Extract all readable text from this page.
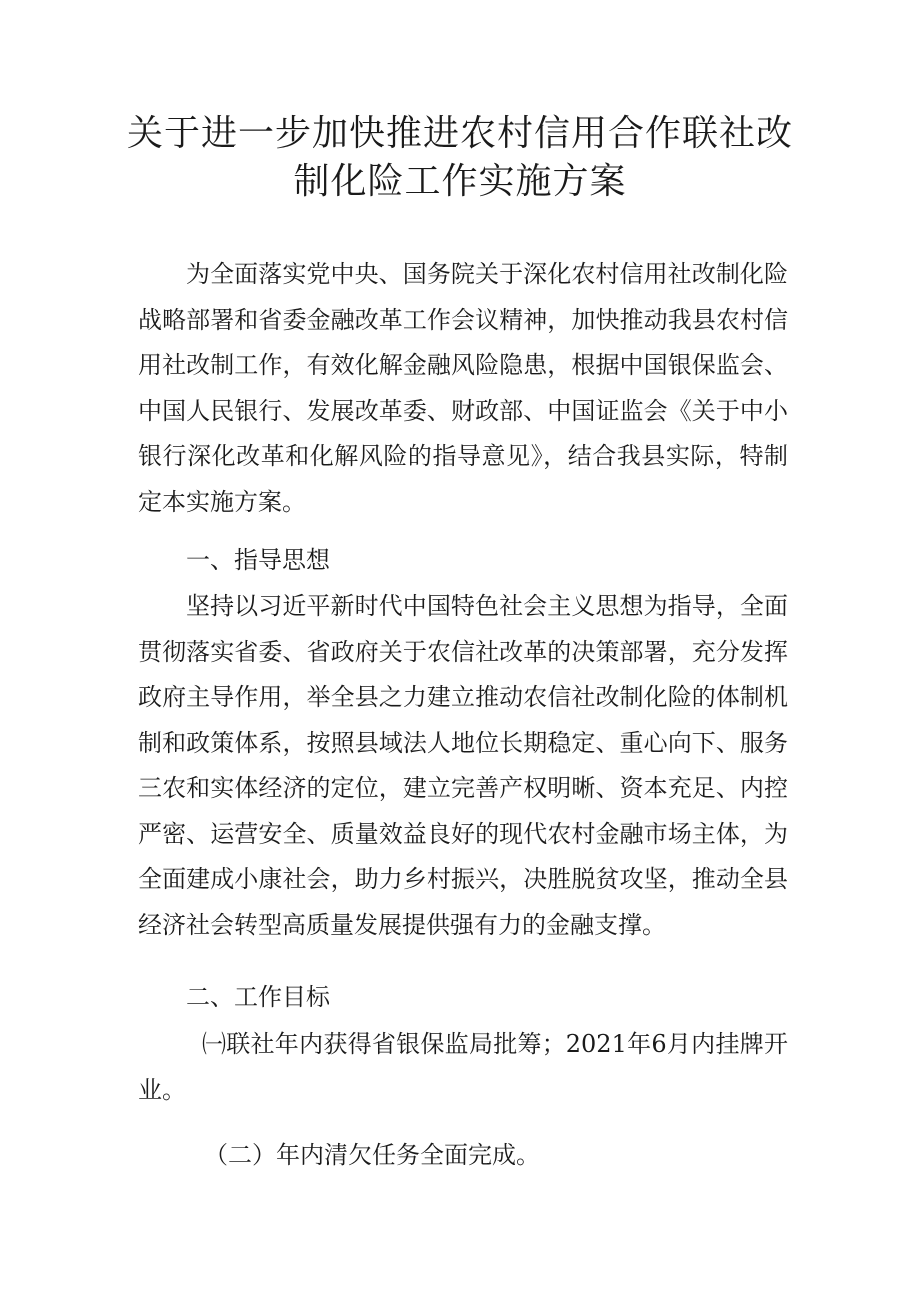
关于进一步加快推进农村信用合作联社改
制化险工作实施方案

为全面落实党中央、国务院关于深化农村信用社改制化险战略部署和省委金融改革工作会议精神，加快推动我县农村信用社改制工作，有效化解金融风险隐患，根据中国银保监会、中国人民银行、发展改革委、财政部、中国证监会《关于中小银行深化改革和化解风险的指导意见》，结合我县实际，特制定本实施方案。

一、指导思想

坚持以习近平新时代中国特色社会主义思想为指导，全面贯彻落实省委、省政府关于农信社改革的决策部署，充分发挥政府主导作用，举全县之力建立推动农信社改制化险的体制机制和政策体系，按照县域法人地位长期稳定、重心向下、服务三农和实体经济的定位，建立完善产权明晰、资本充足、内控严密、运营安全、质量效益良好的现代农村金融市场主体，为全面建成小康社会，助力乡村振兴，决胜脱贫攻坚，推动全县经济社会转型高质量发展提供强有力的金融支撑。

二、工作目标

㈠联社年内获得省银保监局批筹；2021年6月内挂牌开业。

（二）年内清欠任务全面完成。
